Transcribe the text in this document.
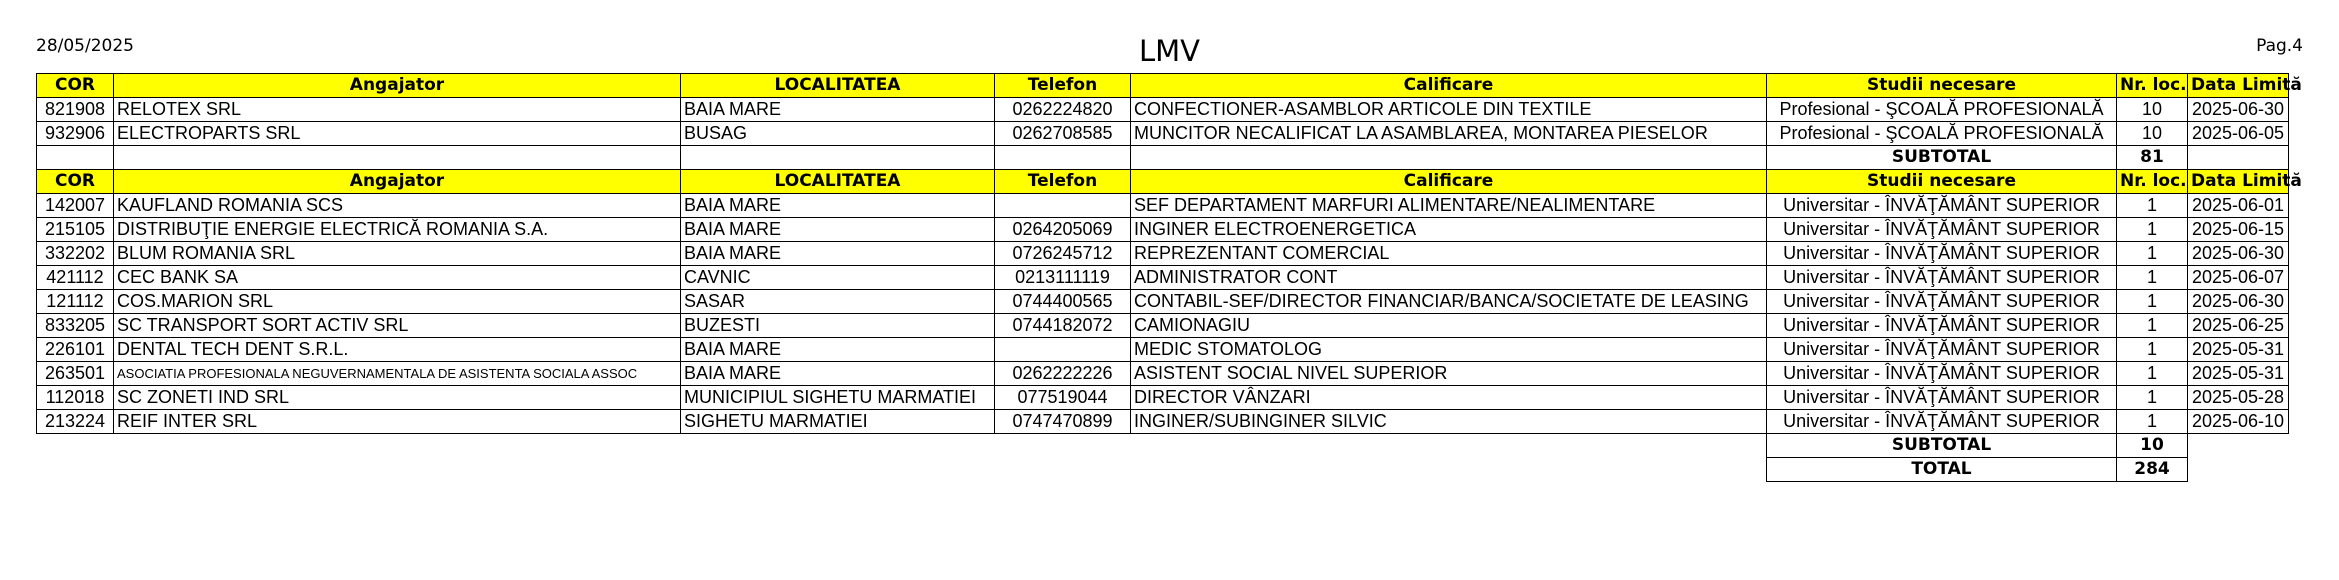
28/05/2025	LMV	Pag.4
COR	Angajator	LOCALITATEA	Telefon	Calificare	Studii necesare	Nr. loc.	Data Limită
821908	RELOTEX SRL	BAIA MARE	0262224820	CONFECTIONER-ASAMBLOR ARTICOLE DIN TEXTILE	Profesional - ŞCOALĂ PROFESIONALĂ	10	2025-06-30
932906	ELECTROPARTS SRL	BUSAG	0262708585	MUNCITOR NECALIFICAT LA ASAMBLAREA, MONTAREA PIESELOR	Profesional - ŞCOALĂ PROFESIONALĂ	10	2025-06-05
					SUBTOTAL	81	
COR	Angajator	LOCALITATEA	Telefon	Calificare	Studii necesare	Nr. loc.	Data Limită
142007	KAUFLAND ROMANIA SCS	BAIA MARE		SEF DEPARTAMENT MARFURI ALIMENTARE/NEALIMENTARE	Universitar - ÎNVĂŢĂMÂNT SUPERIOR	1	2025-06-01
215105	DISTRIBUŢIE ENERGIE ELECTRICĂ ROMANIA S.A.	BAIA MARE	0264205069	INGINER ELECTROENERGETICA	Universitar - ÎNVĂŢĂMÂNT SUPERIOR	1	2025-06-15
332202	BLUM ROMANIA SRL	BAIA MARE	0726245712	REPREZENTANT COMERCIAL	Universitar - ÎNVĂŢĂMÂNT SUPERIOR	1	2025-06-30
421112	CEC BANK SA	CAVNIC	0213111119	ADMINISTRATOR CONT	Universitar - ÎNVĂŢĂMÂNT SUPERIOR	1	2025-06-07
121112	COS.MARION SRL	SASAR	0744400565	CONTABIL-SEF/DIRECTOR FINANCIAR/BANCA/SOCIETATE DE LEASING	Universitar - ÎNVĂŢĂMÂNT SUPERIOR	1	2025-06-30
833205	SC TRANSPORT SORT ACTIV SRL	BUZESTI	0744182072	CAMIONAGIU	Universitar - ÎNVĂŢĂMÂNT SUPERIOR	1	2025-06-25
226101	DENTAL TECH DENT S.R.L.	BAIA MARE		MEDIC STOMATOLOG	Universitar - ÎNVĂŢĂMÂNT SUPERIOR	1	2025-05-31
263501	ASOCIATIA PROFESIONALA NEGUVERNAMENTALA DE ASISTENTA SOCIALA ASSOC	BAIA MARE	0262222226	ASISTENT SOCIAL NIVEL SUPERIOR	Universitar - ÎNVĂŢĂMÂNT SUPERIOR	1	2025-05-31
112018	SC ZONETI IND SRL	MUNICIPIUL SIGHETU MARMATIEI	077519044	DIRECTOR VÂNZARI	Universitar - ÎNVĂŢĂMÂNT SUPERIOR	1	2025-05-28
213224	REIF INTER SRL	SIGHETU MARMATIEI	0747470899	INGINER/SUBINGINER SILVIC	Universitar - ÎNVĂŢĂMÂNT SUPERIOR	1	2025-06-10
					SUBTOTAL	10	
					TOTAL	284	
